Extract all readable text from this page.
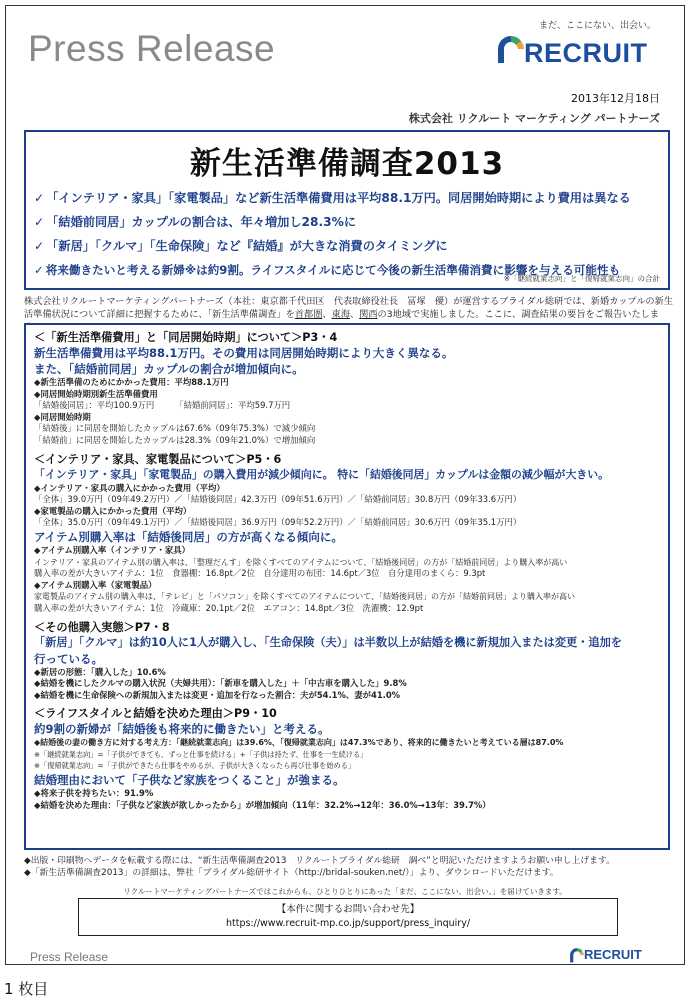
Press Release
まだ、ここにない、出会い。
RECRUIT
2013年12月18日
株式会社 リクルート マーケティング パートナーズ
新生活準備調査2013
✓ 「インテリア・家具」「家電製品」など新生活準備費用は平均88.1万円。同居開始時期により費用は異なる
✓ 「結婚前同居」カップルの割合は、年々増加し28.3%に
✓ 「新居」「クルマ」「生命保険」など『結婚』が大きな消費のタイミングに
✓ 将来働きたいと考える新婦※は約9割。ライフスタイルに応じて今後の新生活準備消費に影響を与える可能性も
※「継続就業志向」と「復帰就業志向」の合計
株式会社リクルートマーケティングパートナーズ（本社：東京都千代田区　代表取締役社長　冨塚　優）が運営するブライダル総研では、新婚カップルの新生
活準備状況について詳細に把握するために、「新生活準備調査」を首都圏、東海、関西の3地域で実施しました。ここに、調査結果の要旨をご報告いたしま
＜「新生活準備費用」と「同居開始時期」について＞P3・4
新生活準備費用は平均88.1万円。その費用は同居開始時期により大きく異なる。
また、「結婚前同居」カップルの割合が増加傾向に。
◆新生活準備のためにかかった費用：平均88.1万円
◆同居開始時期別新生活準備費用
「結婚後同居」：平均100.9万円　　　「結婚前同居」：平均59.7万円
◆同居開始時期
「結婚後」に同居を開始したカップルは67.6%（09年75.3%）で減少傾向
「結婚前」に同居を開始したカップルは28.3%（09年21.0%）で増加傾向
＜インテリア・家具、家電製品について＞P5・6
「インテリア・家具」「家電製品」の購入費用が減少傾向に。 特に「結婚後同居」カップルは金額の減少幅が大きい。
◆インテリア・家具の購入にかかった費用（平均）
「全体」39.0万円（09年49.2万円）／「結婚後同居」42.3万円（09年51.6万円）／「結婚前同居」30.8万円（09年33.6万円）
◆家電製品の購入にかかった費用（平均）
「全体」35.0万円（09年49.1万円）／「結婚後同居」36.9万円（09年52.2万円）／「結婚前同居」30.6万円（09年35.1万円）
アイテム別購入率は「結婚後同居」の方が高くなる傾向に。
◆アイテム別購入率（インテリア・家具）
インテリア・家具のアイテム別の購入率は、「整理だんす」を除くすべてのアイテムについて、「結婚後同居」の方が「結婚前同居」より購入率が高い
購入率の差が大きいアイテム：1位　食器棚：16.8pt／2位　自分達用の布団：14.6pt／3位　自分達用のまくら：9.3pt
◆アイテム別購入率（家電製品）
家電製品のアイテム別の購入率は、「テレビ」と「パソコン」を除くすべてのアイテムについて、「結婚後同居」の方が「結婚前同居」より購入率が高い
購入率の差が大きいアイテム：1位　冷蔵庫：20.1pt／2位　エアコン：14.8pt／3位　洗濯機：12.9pt
＜その他購入実態＞P7・8
「新居」「クルマ」は約10人に1人が購入し、「生命保険（夫）」は半数以上が結婚を機に新規加入または変更・追加を
行っている。
◆新居の形態：「購入した」10.6%
◆結婚を機にしたクルマの購入状況（夫婦共用）：「新車を購入した」＋「中古車を購入した」9.8%
◆結婚を機に生命保険への新規加入または変更・追加を行なった割合：夫が54.1%、妻が41.0%
＜ライフスタイルと結婚を決めた理由＞P9・10
約9割の新婦が「結婚後も将来的に働きたい」と考える。
◆結婚後の妻の働き方に対する考え方：「継続就業志向」は39.6%、「復帰就業志向」は47.3%であり、将来的に働きたいと考えている層は87.0%
※「継続就業志向」=「子供ができても、ずっと仕事を続ける」+「子供は持たず、仕事を一生続ける」
※「復帰就業志向」=「子供ができたら仕事をやめるが、子供が大きくなったら再び仕事を始める」
結婚理由において「子供など家族をつくること」が強まる。
◆将来子供を持ちたい：91.9%
◆結婚を決めた理由：「子供など家族が欲しかったから」が増加傾向（11年：32.2%→12年：36.0%→13年：39.7%）
◆出版・印刷物へデータを転載する際には、“新生活準備調査2013　リクルートブライダル総研　調べ”と明記いただけますようお願い申し上げます。
◆「新生活準備調査2013」の詳細は、弊社「ブライダル総研サイト（http://bridal-souken.net/）」より、ダウンロードいただけます。
リクルートマーケティングパートナーズではこれからも、ひとりひとりにあった「まだ、ここにない、出会い。」を届けていきます。
【本件に関するお問い合わせ先】
https://www.recruit-mp.co.jp/support/press_inquiry/
Press Release	RECRUIT
1 枚目
